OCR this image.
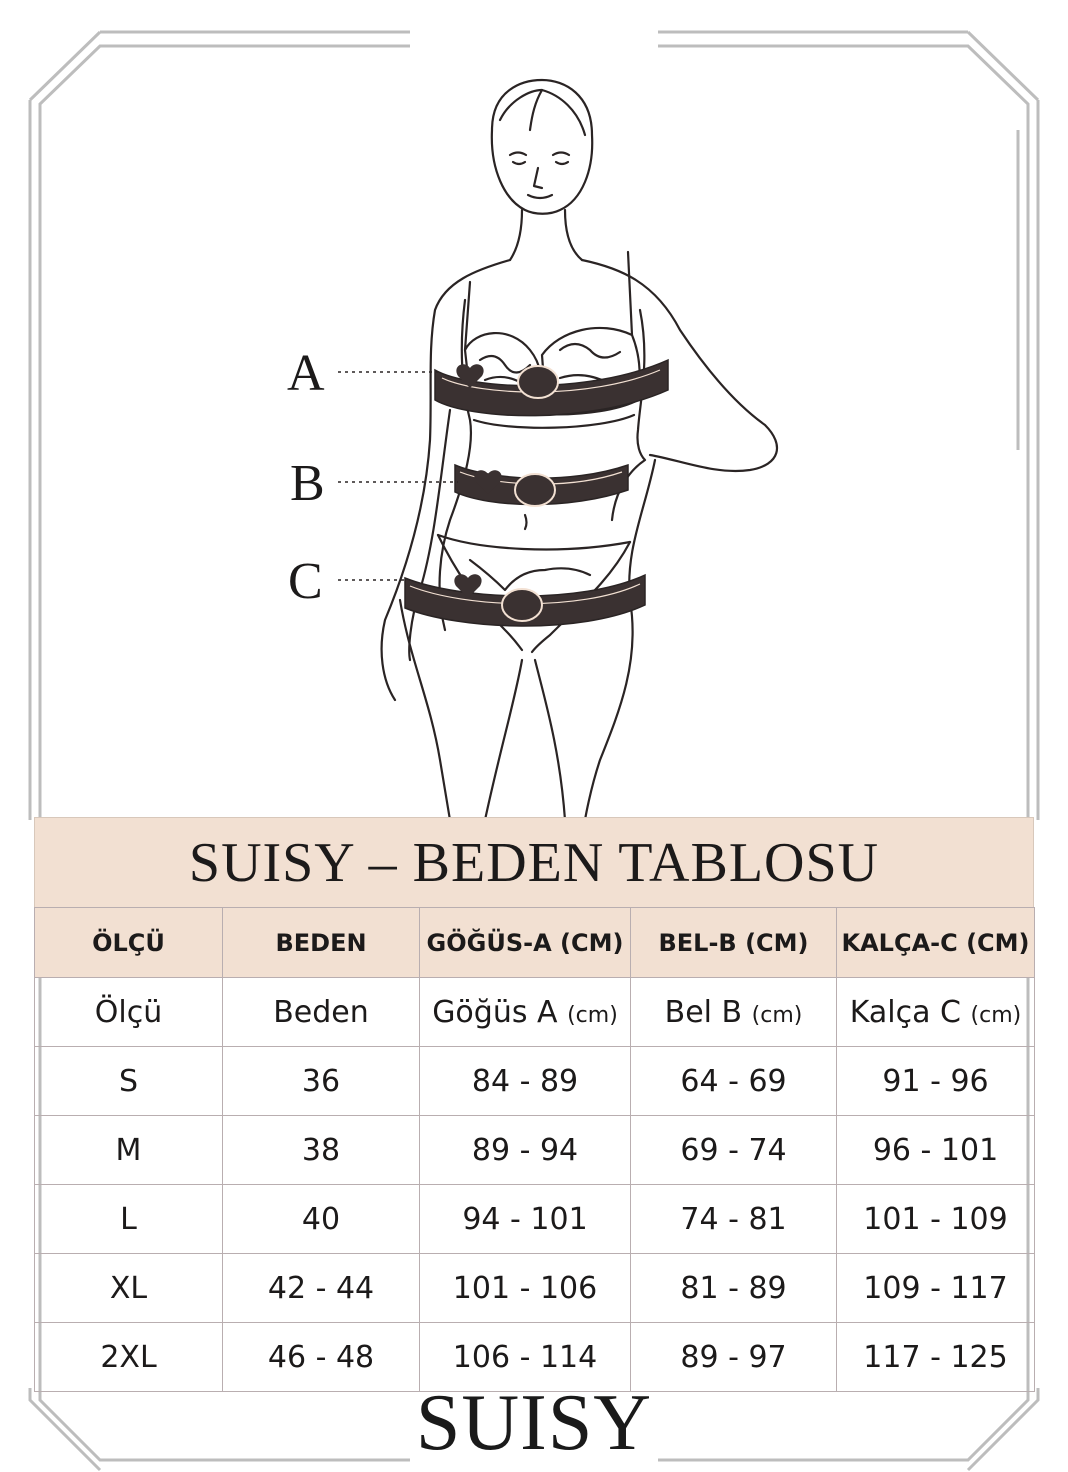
A
B
C
SUISY – BEDEN TABLOSU
ÖLÇÜ	BEDEN	GÖĞÜS-A (CM)	BEL-B (CM)	KALÇA-C (CM)
Ölçü	Beden	Göğüs A (cm)	Bel B (cm)	Kalça C (cm)
S	36	84 - 89	64 - 69	91 - 96
M	38	89 - 94	69 - 74	96 - 101
L	40	94 - 101	74 - 81	101 - 109
XL	42 - 44	101 - 106	81 - 89	109 - 117
2XL	46 - 48	106 - 114	89 - 97	117 - 125
SUISY
